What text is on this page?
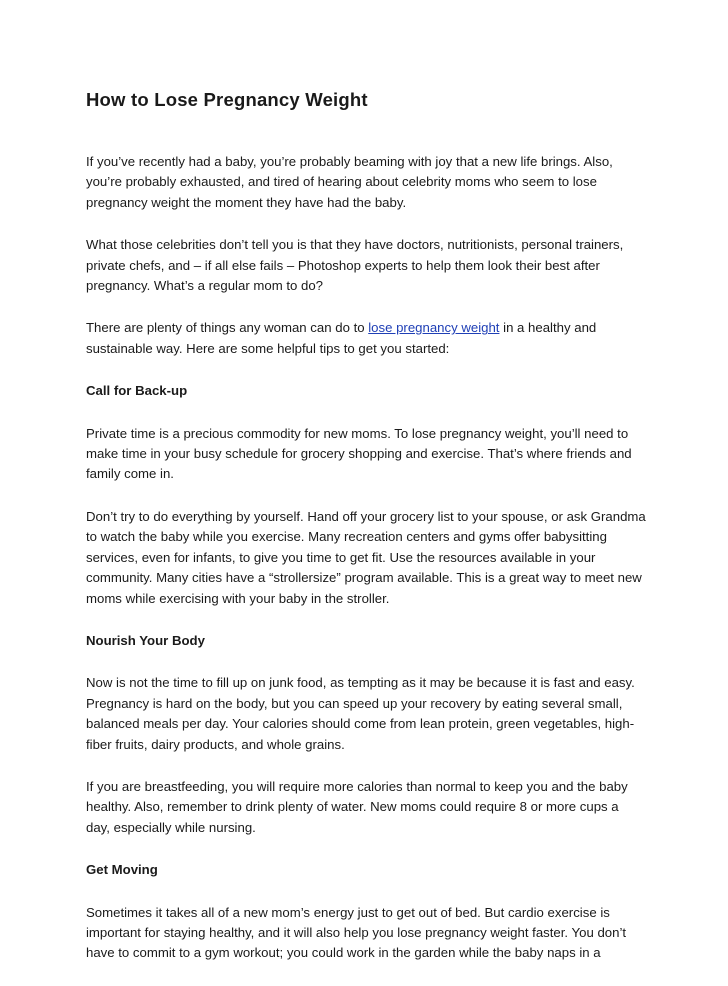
How to Lose Pregnancy Weight

If you’ve recently had a baby, you’re probably beaming with joy that a new life brings. Also, you’re probably exhausted, and tired of hearing about celebrity moms who seem to lose pregnancy weight the moment they have had the baby.

What those celebrities don’t tell you is that they have doctors, nutritionists, personal trainers, private chefs, and – if all else fails – Photoshop experts to help them look their best after pregnancy. What’s a regular mom to do?

There are plenty of things any woman can do to lose pregnancy weight in a healthy and sustainable way. Here are some helpful tips to get you started:

Call for Back-up

Private time is a precious commodity for new moms. To lose pregnancy weight, you’ll need to make time in your busy schedule for grocery shopping and exercise. That’s where friends and family come in.

Don’t try to do everything by yourself. Hand off your grocery list to your spouse, or ask Grandma to watch the baby while you exercise. Many recreation centers and gyms offer babysitting services, even for infants, to give you time to get fit. Use the resources available in your community. Many cities have a “strollersize” program available. This is a great way to meet new moms while exercising with your baby in the stroller.

Nourish Your Body

Now is not the time to fill up on junk food, as tempting as it may be because it is fast and easy. Pregnancy is hard on the body, but you can speed up your recovery by eating several small, balanced meals per day. Your calories should come from lean protein, green vegetables, high-fiber fruits, dairy products, and whole grains.

If you are breastfeeding, you will require more calories than normal to keep you and the baby healthy. Also, remember to drink plenty of water. New moms could require 8 or more cups a day, especially while nursing.

Get Moving

Sometimes it takes all of a new mom’s energy just to get out of bed. But cardio exercise is important for staying healthy, and it will also help you lose pregnancy weight faster. You don’t have to commit to a gym workout; you could work in the garden while the baby naps in a
